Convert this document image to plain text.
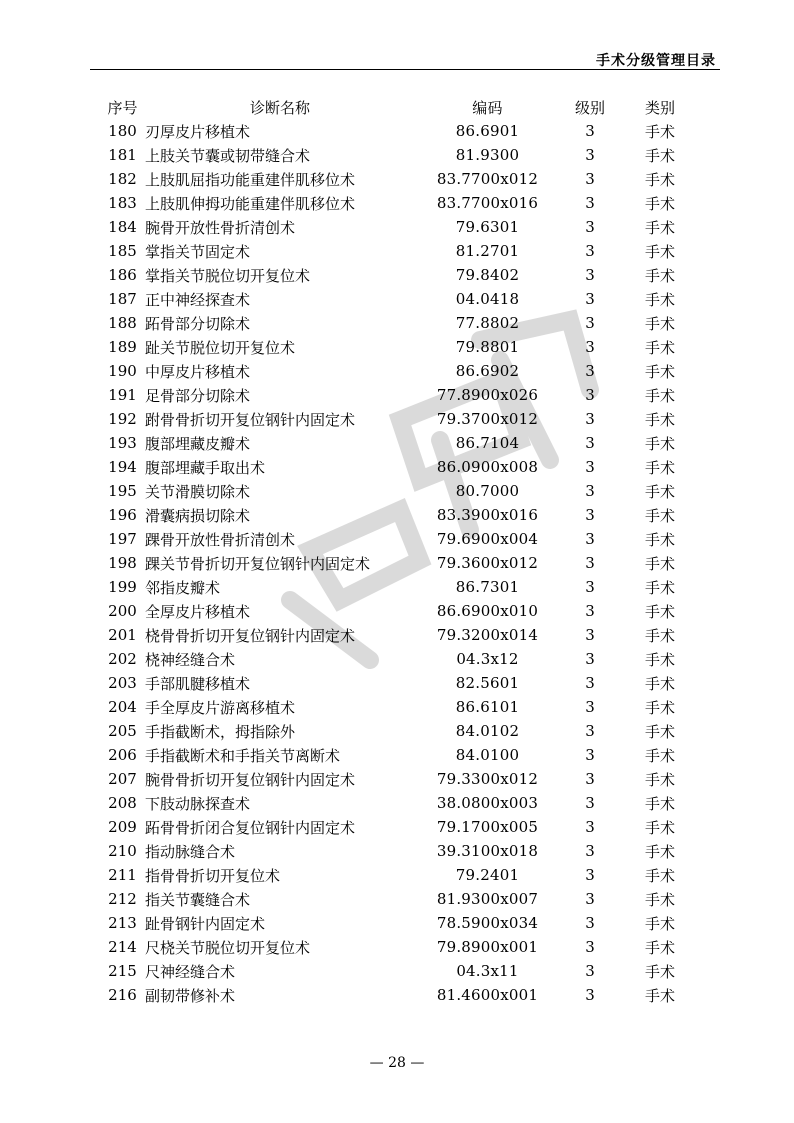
手术分级管理目录
序号	诊断名称	编码	级别	类别
180 刃厚皮片移植术	86.6901	3	手术
181 上肢关节囊或韧带缝合术	81.9300	3	手术
182 上肢肌屈指功能重建伴肌移位术	83.7700x012	3	手术
183 上肢肌伸拇功能重建伴肌移位术	83.7700x016	3	手术
184 腕骨开放性骨折清创术	79.6301	3	手术
185 掌指关节固定术	81.2701	3	手术
186 掌指关节脱位切开复位术	79.8402	3	手术
187 正中神经探查术	04.0418	3	手术
188 跖骨部分切除术	77.8802	3	手术
189 趾关节脱位切开复位术	79.8801	3	手术
190 中厚皮片移植术	86.6902	3	手术
191 足骨部分切除术	77.8900x026	3	手术
192 跗骨骨折切开复位钢针内固定术	79.3700x012	3	手术
193 腹部埋藏皮瓣术	86.7104	3	手术
194 腹部埋藏手取出术	86.0900x008	3	手术
195 关节滑膜切除术	80.7000	3	手术
196 滑囊病损切除术	83.3900x016	3	手术
197 踝骨开放性骨折清创术	79.6900x004	3	手术
198 踝关节骨折切开复位钢针内固定术	79.3600x012	3	手术
199 邻指皮瓣术	86.7301	3	手术
200 全厚皮片移植术	86.6900x010	3	手术
201 桡骨骨折切开复位钢针内固定术	79.3200x014	3	手术
202 桡神经缝合术	04.3x12	3	手术
203 手部肌腱移植术	82.5601	3	手术
204 手全厚皮片游离移植术	86.6101	3	手术
205 手指截断术，拇指除外	84.0102	3	手术
206 手指截断术和手指关节离断术	84.0100	3	手术
207 腕骨骨折切开复位钢针内固定术	79.3300x012	3	手术
208 下肢动脉探查术	38.0800x003	3	手术
209 跖骨骨折闭合复位钢针内固定术	79.1700x005	3	手术
210 指动脉缝合术	39.3100x018	3	手术
211 指骨骨折切开复位术	79.2401	3	手术
212 指关节囊缝合术	81.9300x007	3	手术
213 趾骨钢针内固定术	78.5900x034	3	手术
214 尺桡关节脱位切开复位术	79.8900x001	3	手术
215 尺神经缝合术	04.3x11	3	手术
216 副韧带修补术	81.4600x001	3	手术
— 28 —
